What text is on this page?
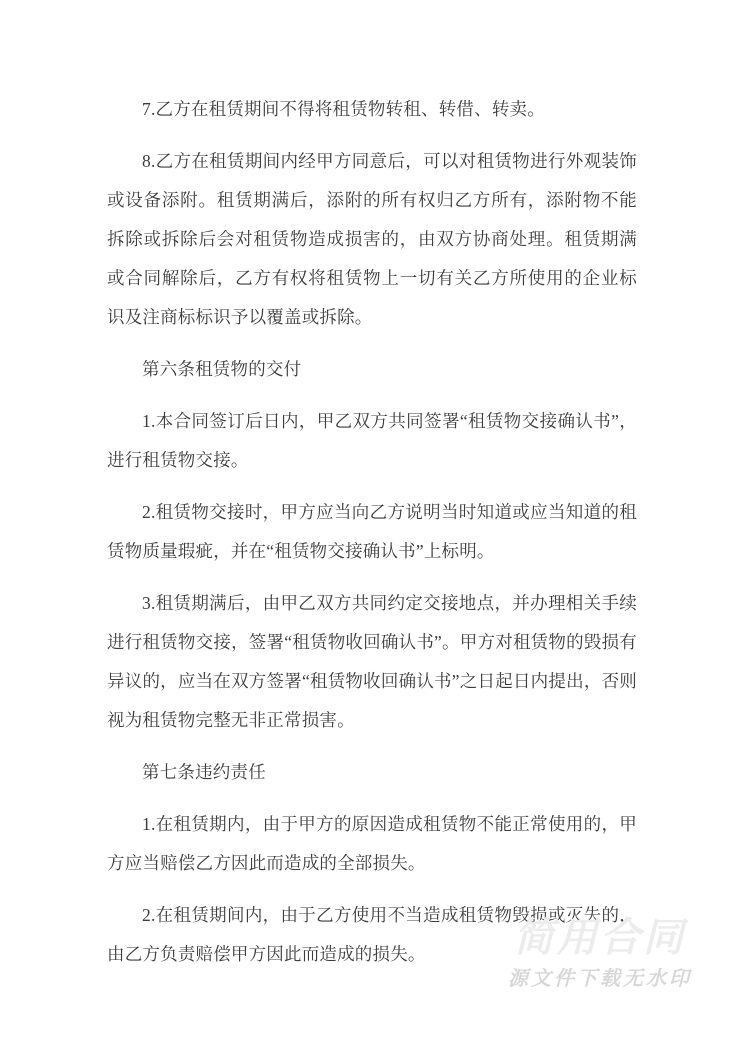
7.乙方在租赁期间不得将租赁物转租、转借、转卖。

8.乙方在租赁期间内经甲方同意后，可以对租赁物进行外观装饰或设备添附。租赁期满后，添附的所有权归乙方所有，添附物不能拆除或拆除后会对租赁物造成损害的，由双方协商处理。租赁期满或合同解除后，乙方有权将租赁物上一切有关乙方所使用的企业标识及注商标标识予以覆盖或拆除。

第六条租赁物的交付

1.本合同签订后日内，甲乙双方共同签署“租赁物交接确认书”，进行租赁物交接。

2.租赁物交接时，甲方应当向乙方说明当时知道或应当知道的租赁物质量瑕疵，并在“租赁物交接确认书”上标明。

3.租赁期满后，由甲乙双方共同约定交接地点，并办理相关手续进行租赁物交接，签署“租赁物收回确认书”。甲方对租赁物的毁损有异议的，应当在双方签署“租赁物收回确认书”之日起日内提出，否则视为租赁物完整无非正常损害。

第七条违约责任

1.在租赁期内，由于甲方的原因造成租赁物不能正常使用的，甲方应当赔偿乙方因此而造成的全部损失。

2.在租赁期间内，由于乙方使用不当造成租赁物毁损或灭失的，由乙方负责赔偿甲方因此而造成的损失。	简用合同
源文件下载无水印
